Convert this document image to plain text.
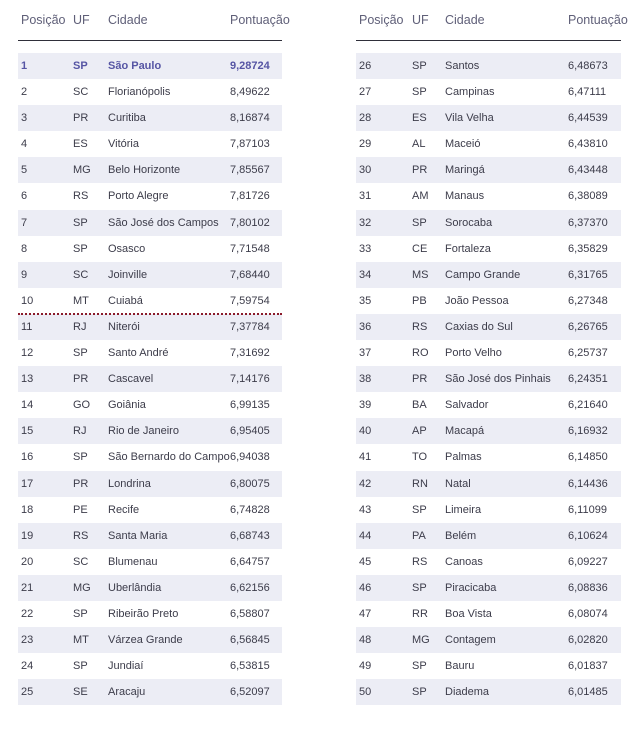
Posição UF Cidade	Pontuação
1	SP São Paulo	9,28724
2	SC Florianópolis	8,49622
3	PR Curitiba	8,16874
4	ES Vitória	7,87103
5	MG Belo Horizonte	7,85567
6	RS Porto Alegre	7,81726
7	SP São José dos Campos 7,80102
8	SP Osasco	7,71548
9	SC Joinville	7,68440
10	MT Cuiabá	7,59754
11	RJ Niterói	7,37784
12	SP Santo André	7,31692
13	PR Cascavel	7,14176
14	GO Goiânia	6,99135
15	RJ Rio de Janeiro	6,95405
16	SP São Bernardo do Campo 6,94038
17	PR Londrina	6,80075
18	PE Recife	6,74828
19	RS Santa Maria	6,68743
20	SC Blumenau	6,64757
21	MG Uberlândia	6,62156
22	SP Ribeirão Preto	6,58807
23	MT Várzea Grande	6,56845
24	SP Jundiaí	6,53815
25	SE Aracaju	6,52097
Posição UF Cidade	Pontuação
26	SP Santos	6,48673
27	SP Campinas	6,47111
28	ES Vila Velha	6,44539
29	AL Maceió	6,43810
30	PR Maringá	6,43448
31	AM Manaus	6,38089
32	SP Sorocaba	6,37370
33	CE Fortaleza	6,35829
34	MS Campo Grande	6,31765
35	PB João Pessoa	6,27348
36	RS Caxias do Sul	6,26765
37	RO Porto Velho	6,25737
38	PR São José dos Pinhais 6,24351
39	BA Salvador	6,21640
40	AP Macapá	6,16932
41	TO Palmas	6,14850
42	RN Natal	6,14436
43	SP Limeira	6,11099
44	PA Belém	6,10624
45	RS Canoas	6,09227
46	SP Piracicaba	6,08836
47	RR Boa Vista	6,08074
48	MG Contagem	6,02820
49	SP Bauru	6,01837
50	SP Diadema	6,01485
